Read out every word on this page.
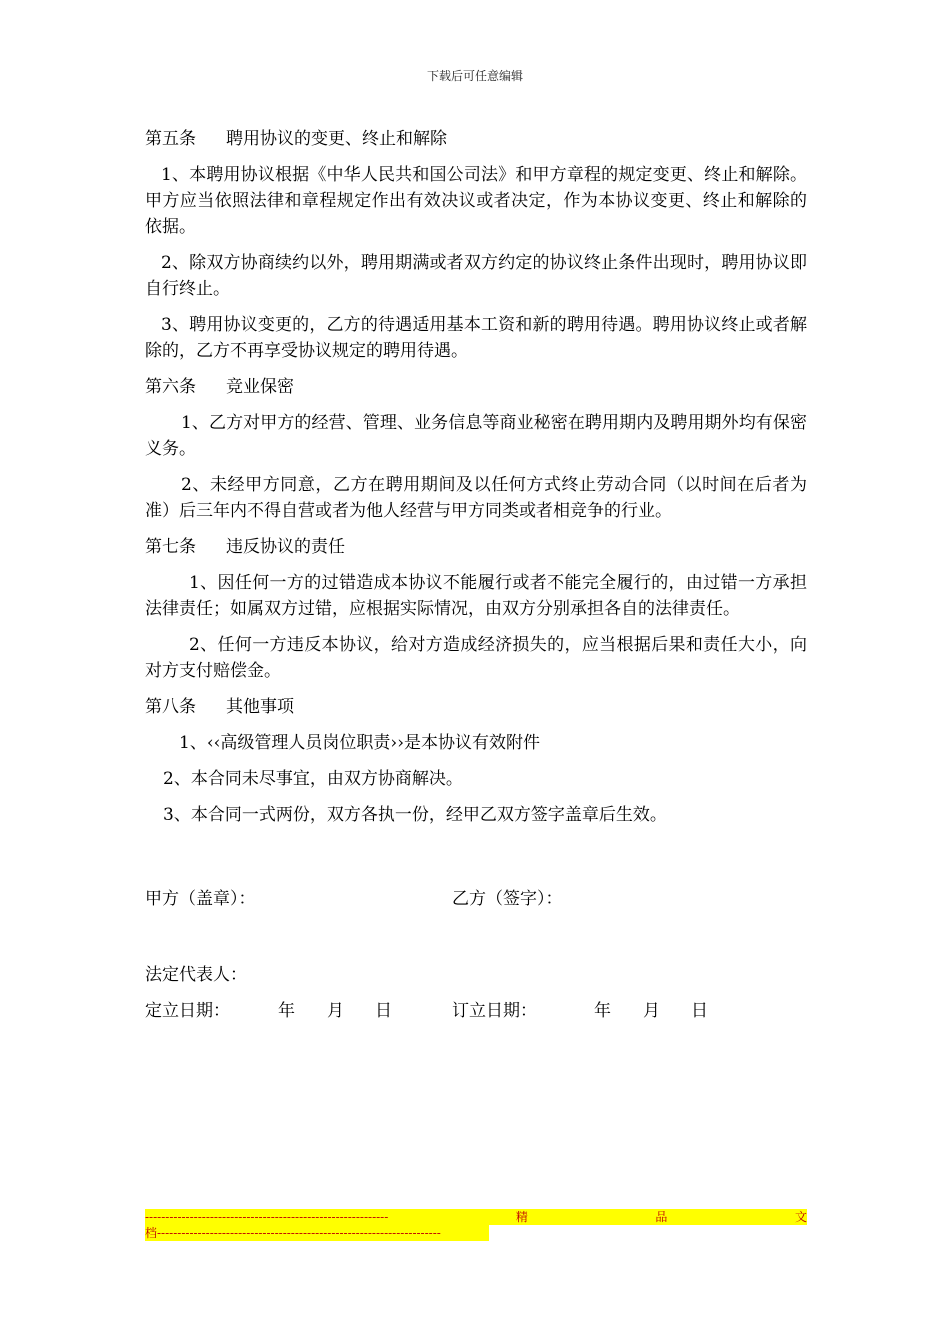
下载后可任意编辑
第五条 聘用协议的变更、终止和解除

1、本聘用协议根据《中华人民共和国公司法》和甲方章程的规定变更、终止和解除。甲方应当依照法律和章程规定作出有效决议或者决定，作为本协议变更、终止和解除的依据。

2、除双方协商续约以外，聘用期满或者双方约定的协议终止条件出现时，聘用协议即自行终止。

3、聘用协议变更的，乙方的待遇适用基本工资和新的聘用待遇。聘用协议终止或者解除的，乙方不再享受协议规定的聘用待遇。

第六条 竞业保密

1、乙方对甲方的经营、管理、业务信息等商业秘密在聘用期内及聘用期外均有保密义务。

2、未经甲方同意，乙方在聘用期间及以任何方式终止劳动合同（以时间在后者为准）后三年内不得自营或者为他人经营与甲方同类或者相竞争的行业。

第七条 违反协议的责任

1、因任何一方的过错造成本协议不能履行或者不能完全履行的，由过错一方承担法律责任；如属双方过错，应根据实际情况，由双方分别承担各自的法律责任。

2、任何一方违反本协议，给对方造成经济损失的，应当根据后果和责任大小，向对方支付赔偿金。

第八条 其他事项

1、‹‹高级管理人员岗位职责››是本协议有效附件

2、本合同未尽事宜，由双方协商解决。

3、本合同一式两份，双方各执一份，经甲乙双方签字盖章后生效。

甲方（盖章）：	乙方（签字）：
法定代表人：
定立日期：	年 月 日	订立日期：	年 月 日
------------------------------------------------------------	精	品	文
档----------------------------------------------------------------------
